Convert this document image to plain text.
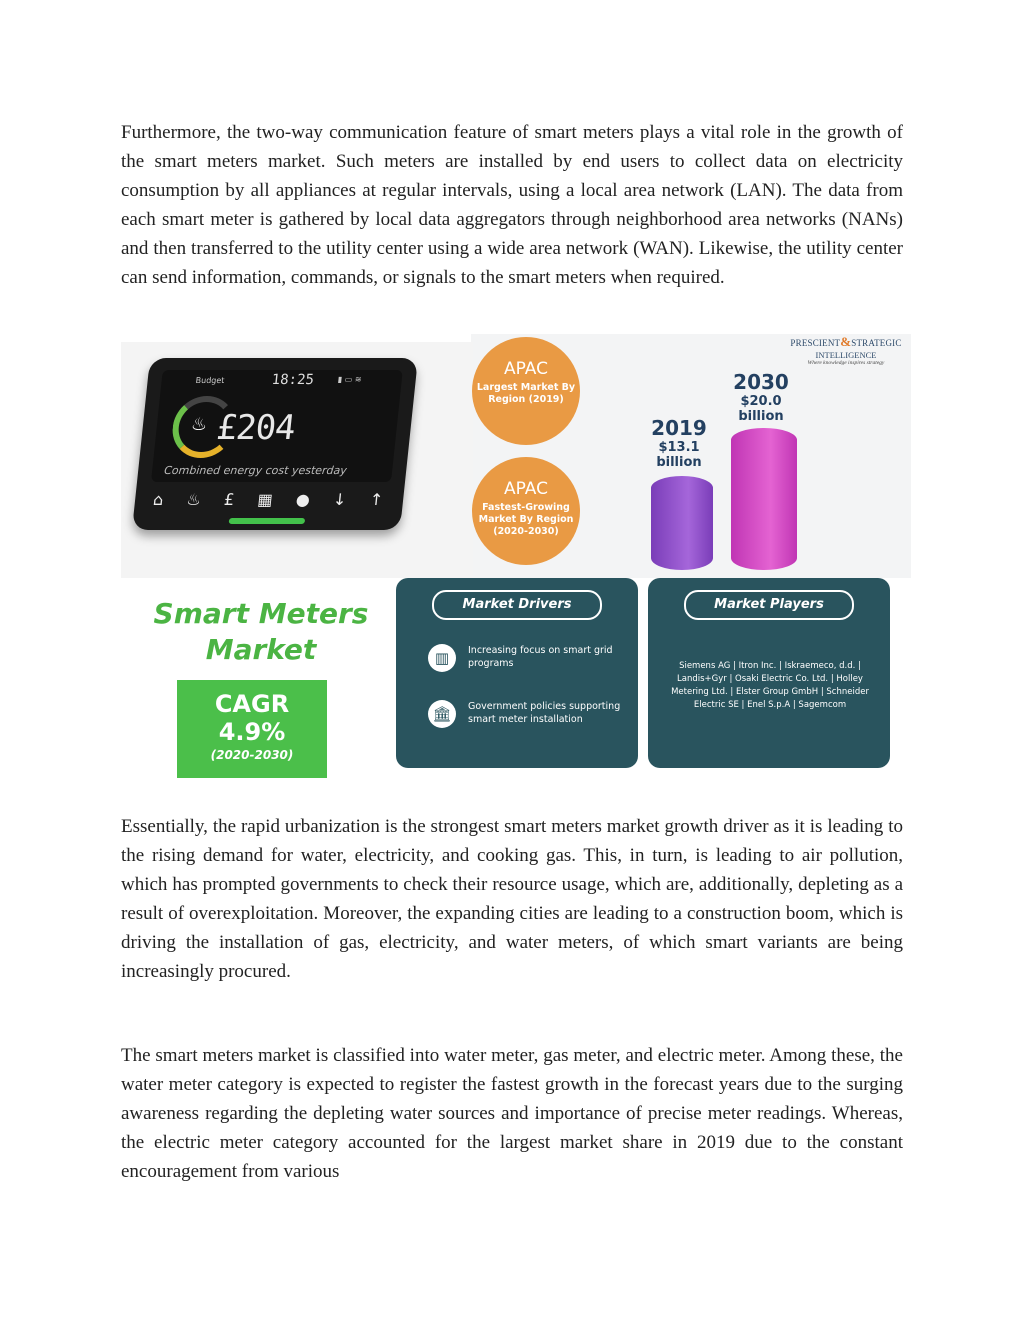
Furthermore, the two-way communication feature of smart meters plays a vital role in the growth of the smart meters market. Such meters are installed by end users to collect data on electricity consumption by all appliances at regular intervals, using a local area network (LAN). The data from each smart meter is gathered by local data aggregators through neighborhood area networks (NANs) and then transferred to the utility center using a wide area network (WAN). Likewise, the utility center can send information, commands, or signals to the smart meters when required.

Budget	18:25	▮ ▭ ≋
♨ £204
Combined energy cost yesterday
⌂ ♨ £ ▦ ● ↓ ↑
APAC
Largest Market By Region (2019)
APAC
Fastest-Growing Market By Region (2020-2030)
PRESCIENT&STRATEGIC
INTELLIGENCE
Where knowledge inspires strategy
2019
$13.1
billion
2030
$20.0
billion
Smart Meters
Market
CAGR
4.9%
(2020-2030)
Market Drivers
▥	Increasing focus on smart grid programs
🏛	Government policies supporting smart meter installation
Market Players
Siemens AG | Itron Inc. | Iskraemeco, d.d. | Landis+Gyr | Osaki Electric Co. Ltd. | Holley Metering Ltd. | Elster Group GmbH | Schneider Electric SE | Enel S.p.A | Sagemcom

Essentially, the rapid urbanization is the strongest smart meters market growth driver as it is leading to the rising demand for water, electricity, and cooking gas. This, in turn, is leading to air pollution, which has prompted governments to check their resource usage, which are, additionally, depleting as a result of overexploitation. Moreover, the expanding cities are leading to a construction boom, which is driving the installation of gas, electricity, and water meters, of which smart variants are being increasingly procured.

The smart meters market is classified into water meter, gas meter, and electric meter. Among these, the water meter category is expected to register the fastest growth in the forecast years due to the surging awareness regarding the depleting water sources and importance of precise meter readings. Whereas, the electric meter category accounted for the largest market share in 2019 due to the constant encouragement from various
